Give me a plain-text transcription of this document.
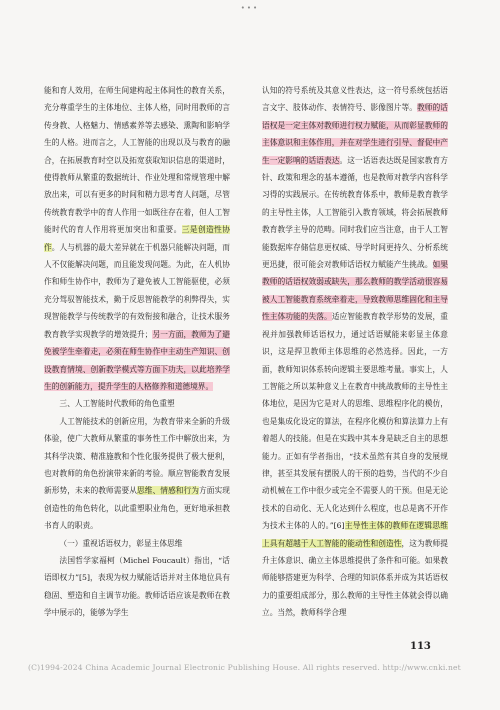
•••

能和育人效用，在师生间建构起主体间性的教育关系，充分尊重学生的主体地位、主体人格，同时用教师的言传身教、人格魅力、情感素养等去感染、熏陶和影响学生的人格。进而言之，人工智能的出现以及与教育的融合，在拓展教育时空以及拓宽获取知识信息的渠道时，使得教师从繁重的数据统计、作业处理和常规管理中解放出来，可以有更多的时间和精力思考育人问题，尽管传统教育教学中的育人作用一如既往存在着，但人工智能时代的育人作用将更加突出和重要。三是创造性协作。人与机器的最大差异就在于机器只能解决问题，而人不仅能解决问题，而且能发现问题。为此，在人机协作和师生协作中，教师为了避免被人工智能驱使，必须充分驾驭智能技术，勤于反思智能教学的利弊得失，实现智能教学与传统教学的有效衔接和融合，让技术服务教育教学实现教学的增效提升；另一方面，教师为了避免被学生牵着走，必须在师生协作中主动生产知识、创设教育情境、创新教学模式等方面下功夫，以此培养学生的创新能力，提升学生的人格修养和道德境界。

三、人工智能时代教师的角色重塑

人工智能技术的创新应用，为教育带来全新的升级体验，使广大教师从繁重的事务性工作中解放出来，为其科学决策、精准施教和个性化服务提供了极大便利，也对教师的角色扮演带来新的考验。顺应智能教育发展新形势，未来的教师需要从思维、情感和行为方面实现创造性的角色转化，以此重塑职业角色，更好地承担教书育人的职责。

（一）重视话语权力，彰显主体思维

法国哲学家福柯（Michel Foucault）指出，“话语即权力”[5]，表现为权力赋能话语并对主体地位具有稳固、塑造和自主调节功能。教师话语应该是教师在教学中展示的，能够为学生

认知的符号系统及其意义性表达，这一符号系统包括语言文字、肢体动作、表情符号、影像图片等。教师的话语权是一定主体对教师进行权力赋能，从而彰显教师的主体意识和主体作用，并在对学生进行引导、督促中产生一定影响的话语表达。这一话语表达既是国家教育方针、政策和理念的基本遵循，也是教师对教学内容科学习得的实践展示。在传统教育体系中，教师是教育教学的主导性主体，人工智能引入教育领域，将会拓展教师教育教学主导的范畴。同时我们应当注意，由于人工智能数据库存储信息更权威、导学时间更持久、分析系统更迅捷，很可能会对教师话语权力赋能产生挑战。如果教师的话语权效弱或缺失，那么教师的教学活动很容易被人工智能教育系统牵着走，导致教师思维固化和主导性主体功能的失落。适应智能教育教学形势的发展，重视并加强教师话语权力，通过话语赋能来彰显主体意识，这是捍卫教师主体思维的必然选择。因此，一方面，教师知识体系转向逻辑主要思维考量。事实上，人工智能之所以某种意义上在教育中挑战教师的主导性主体地位，是因为它是对人的思维、思维程序化的模仿，也是集成化设定的算法，在程序化模仿和算法算力上有着超人的技能。但是在实践中其本身是缺乏自主的思想能力。正如有学者指出，“技术虽然有其自身的发展规律，甚至其发展有摆脱人的干预的趋势，当代的不少自动机械在工作中很少或完全不需要人的干预。但是无论技术的自动化、无人化达到什么程度，也总是离不开作为技术主体的人的。”[6]主导性主体的教师在逻辑思维上具有超越于人工智能的能动性和创造性，这为教师提升主体意识、确立主体思维提供了条件和可能。如果教师能够搭建更为科学、合理的知识体系并成为其话语权力的重要组成部分，那么教师的主导性主体就会得以确立。当然，教师科学合理

113
(C)1994-2024 China Academic Journal Electronic Publishing House. All rights reserved. http://www.cnki.net
